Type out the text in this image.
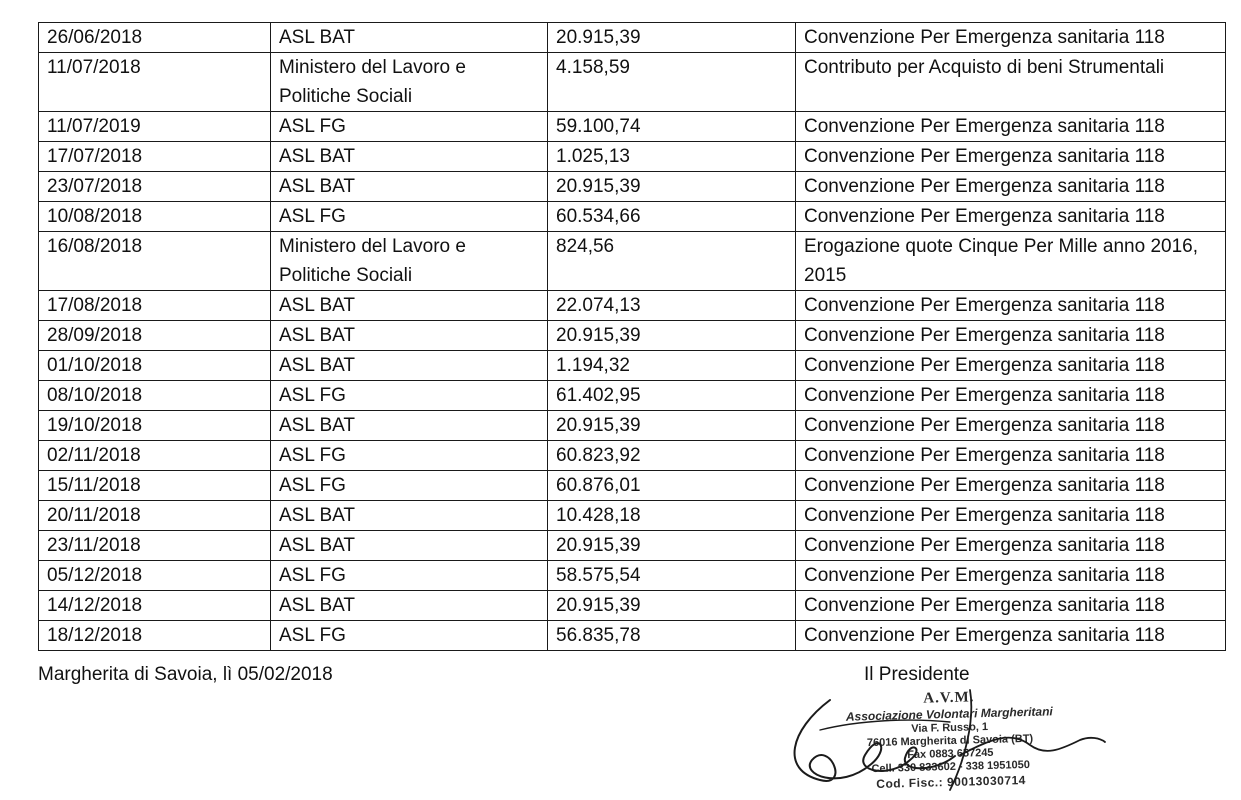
26/06/2018	ASL BAT	20.915,39	Convenzione Per Emergenza sanitaria 118
11/07/2018	Ministero del Lavoro e Politiche Sociali	4.158,59	Contributo per Acquisto di beni Strumentali
11/07/2019	ASL FG	59.100,74	Convenzione Per Emergenza sanitaria 118
17/07/2018	ASL BAT	1.025,13	Convenzione Per Emergenza sanitaria 118
23/07/2018	ASL BAT	20.915,39	Convenzione Per Emergenza sanitaria 118
10/08/2018	ASL FG	60.534,66	Convenzione Per Emergenza sanitaria 118
16/08/2018	Ministero del Lavoro e Politiche Sociali	824,56	Erogazione quote Cinque Per Mille anno 2016, 2015
17/08/2018	ASL BAT	22.074,13	Convenzione Per Emergenza sanitaria 118
28/09/2018	ASL BAT	20.915,39	Convenzione Per Emergenza sanitaria 118
01/10/2018	ASL BAT	1.194,32	Convenzione Per Emergenza sanitaria 118
08/10/2018	ASL FG	61.402,95	Convenzione Per Emergenza sanitaria 118
19/10/2018	ASL BAT	20.915,39	Convenzione Per Emergenza sanitaria 118
02/11/2018	ASL FG	60.823,92	Convenzione Per Emergenza sanitaria 118
15/11/2018	ASL FG	60.876,01	Convenzione Per Emergenza sanitaria 118
20/11/2018	ASL BAT	10.428,18	Convenzione Per Emergenza sanitaria 118
23/11/2018	ASL BAT	20.915,39	Convenzione Per Emergenza sanitaria 118
05/12/2018	ASL FG	58.575,54	Convenzione Per Emergenza sanitaria 118
14/12/2018	ASL BAT	20.915,39	Convenzione Per Emergenza sanitaria 118
18/12/2018	ASL FG	56.835,78	Convenzione Per Emergenza sanitaria 118
Margherita di Savoia, lì 05/02/2018	Il Presidente
A.V.M.
Associazione Volontari Margheritani
Via F. Russo, 1
76016 Margherita di Savoia (BT)
Fax 0883 657245
Cell. 330 833602 - 338 1951050
Cod. Fisc.: 90013030714
